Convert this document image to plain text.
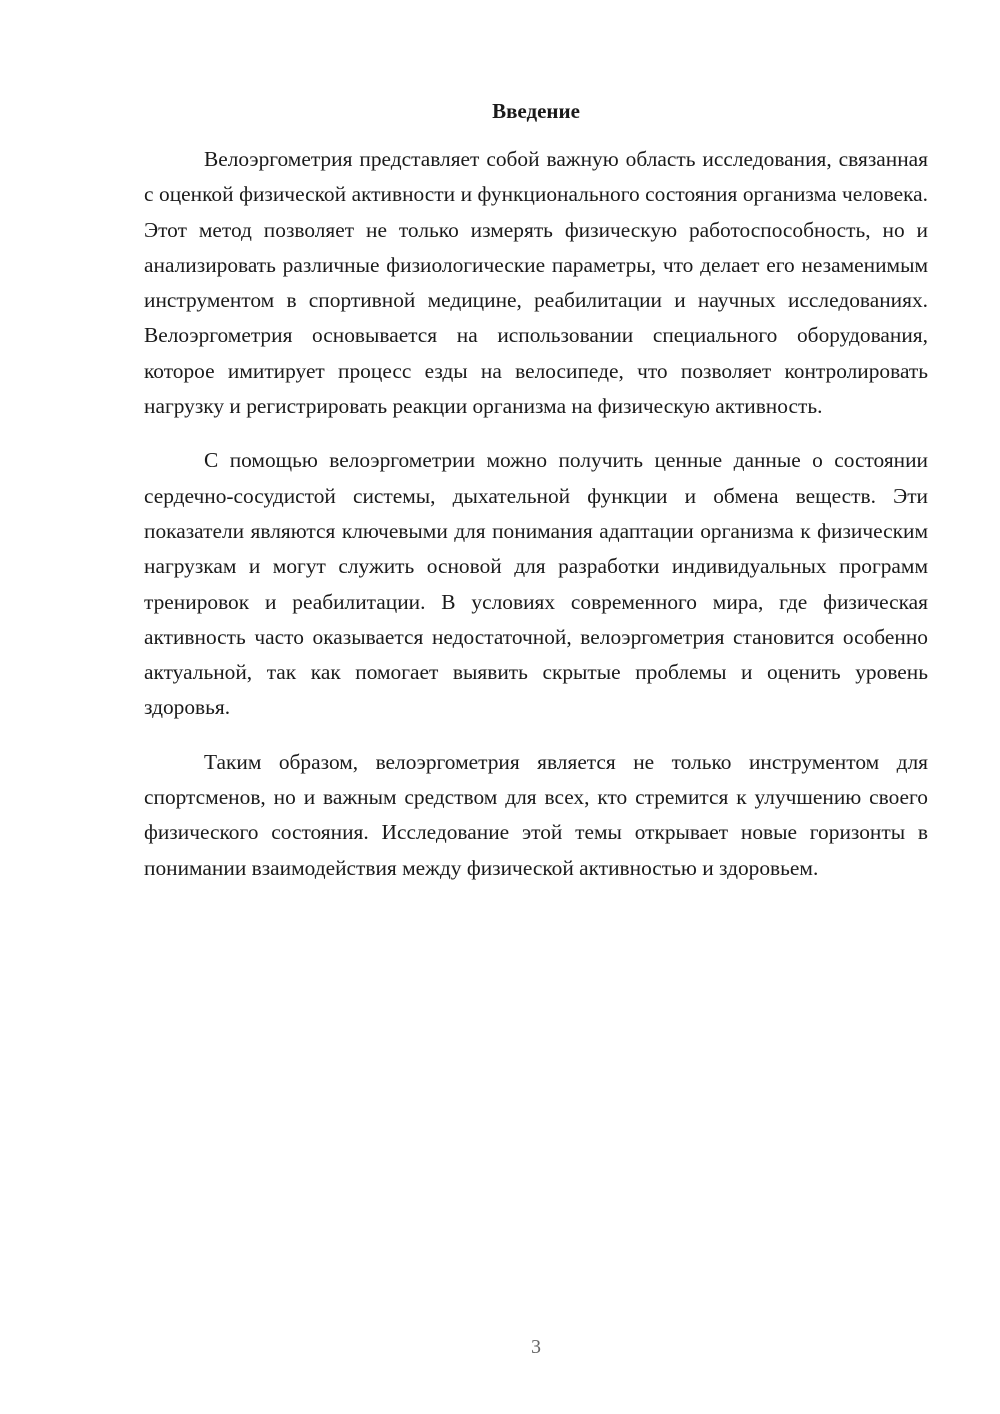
Введение

Велоэргометрия представляет собой важную область исследования, связанная с оценкой физической активности и функционального состояния организма человека. Этот метод позволяет не только измерять физическую работоспособность, но и анализировать различные физиологические параметры, что делает его незаменимым инструментом в спортивной медицине, реабилитации и научных исследованиях. Велоэргометрия основывается на использовании специального оборудования, которое имитирует процесс езды на велосипеде, что позволяет контролировать нагрузку и регистрировать реакции организма на физическую активность.

С помощью велоэргометрии можно получить ценные данные о состоянии сердечно-сосудистой системы, дыхательной функции и обмена веществ. Эти показатели являются ключевыми для понимания адаптации организма к физическим нагрузкам и могут служить основой для разработки индивидуальных программ тренировок и реабилитации. В условиях современного мира, где физическая активность часто оказывается недостаточной, велоэргометрия становится особенно актуальной, так как помогает выявить скрытые проблемы и оценить уровень здоровья.

Таким образом, велоэргометрия является не только инструментом для спортсменов, но и важным средством для всех, кто стремится к улучшению своего физического состояния. Исследование этой темы открывает новые горизонты в понимании взаимодействия между физической активностью и здоровьем.

3
